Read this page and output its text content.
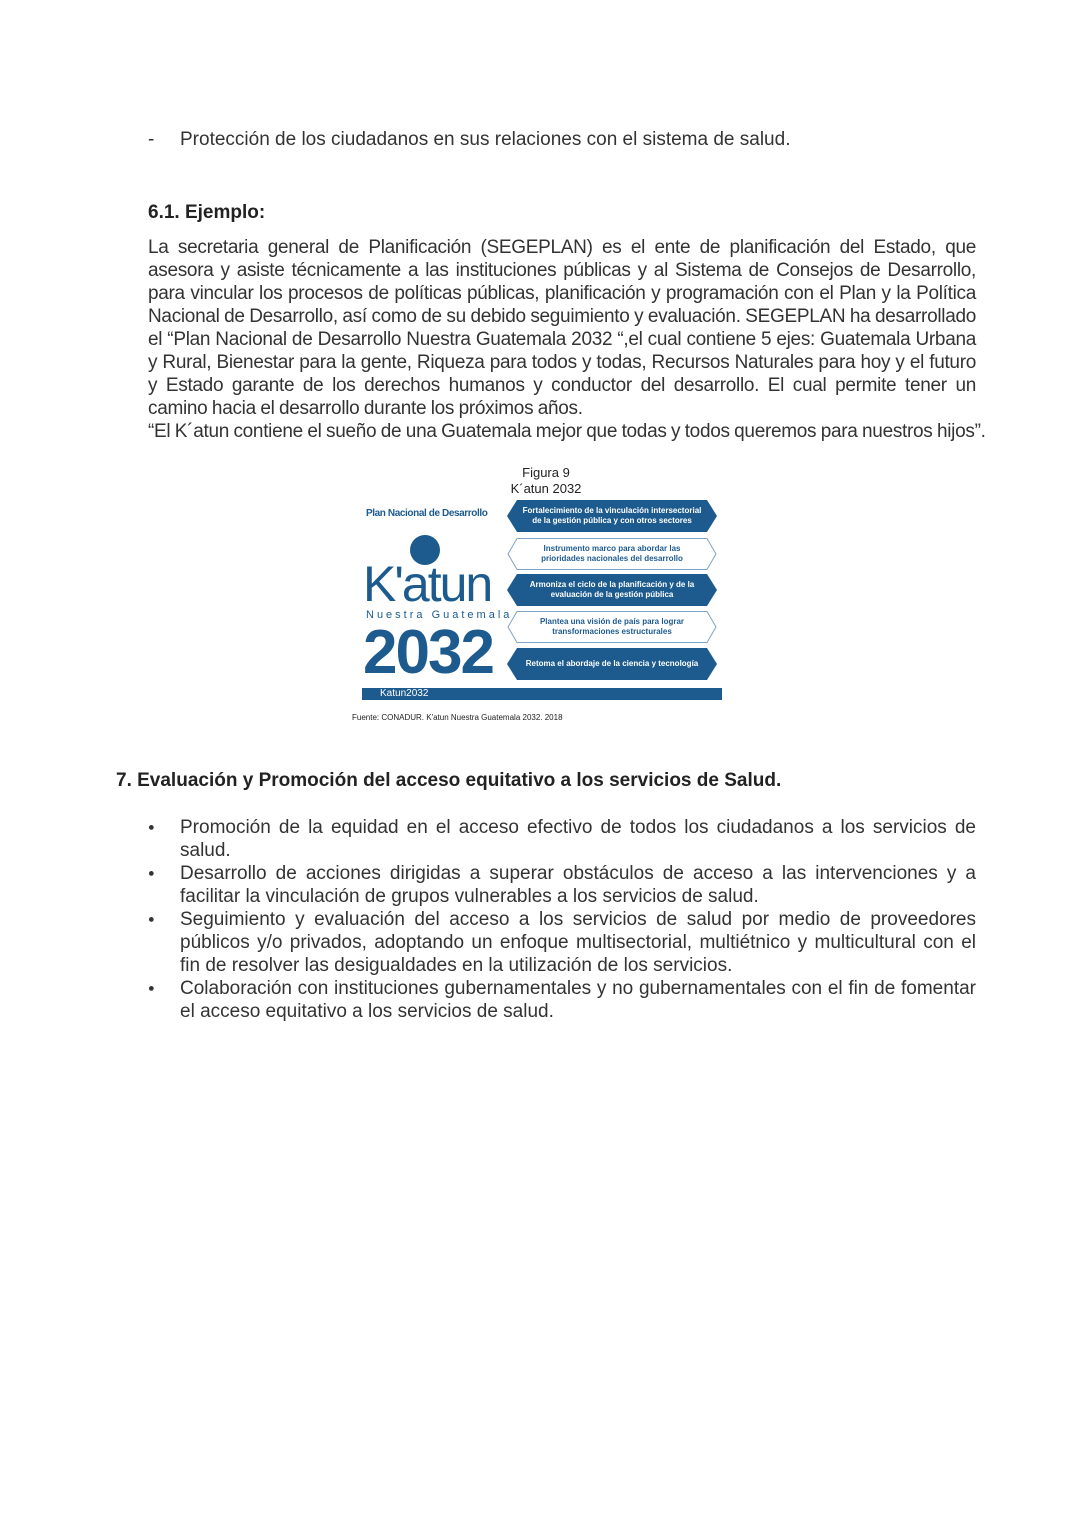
-	Protección de los ciudadanos en sus relaciones con el sistema de salud.
6.1. Ejemplo:
La secretaria general de Planificación (SEGEPLAN) es el ente de planificación del Estado, que asesora y asiste técnicamente a las instituciones públicas y al Sistema de Consejos de Desarrollo, para vincular los procesos de políticas públicas, planificación y programación con el Plan y la Política Nacional de Desarrollo, así como de su debido seguimiento y evaluación. SEGEPLAN ha desarrollado el “Plan Nacional de Desarrollo Nuestra Guatemala 2032 “,el cual contiene 5 ejes: Guatemala Urbana y Rural, Bienestar para la gente, Riqueza para todos y todas, Recursos Naturales para hoy y el futuro y Estado garante de los derechos humanos y conductor del desarrollo. El cual permite tener un camino hacia el desarrollo durante los próximos años.
“El K´atun contiene el sueño de una Guatemala mejor que todas y todos queremos para nuestros hijos”.
Figura 9
K´atun 2032
Plan Nacional de Desarrollo
K'atun
Nuestra Guatemala
2032
Fortalecimiento de la vinculación intersectorial de la gestión pública y con otros sectores
Instrumento marco para abordar las prioridades nacionales del desarrollo
Armoniza el ciclo de la planificación y de la evaluación de la gestión pública
Plantea una visión de país para lograr transformaciones estructurales
Retoma el abordaje de la ciencia y tecnología
Katun2032
Fuente: CONADUR. K'atun Nuestra Guatemala 2032. 2018
7. Evaluación y Promoción del acceso equitativo a los servicios de Salud.
●	Promoción de la equidad en el acceso efectivo de todos los ciudadanos a los servicios de salud.
●	Desarrollo de acciones dirigidas a superar obstáculos de acceso a las intervenciones y a facilitar la vinculación de grupos vulnerables a los servicios de salud.
●	Seguimiento y evaluación del acceso a los servicios de salud por medio de proveedores públicos y/o privados, adoptando un enfoque multisectorial, multiétnico y multicultural con el fin de resolver las desigualdades en la utilización de los servicios.
●	Colaboración con instituciones gubernamentales y no gubernamentales con el fin de fomentar el acceso equitativo a los servicios de salud.
